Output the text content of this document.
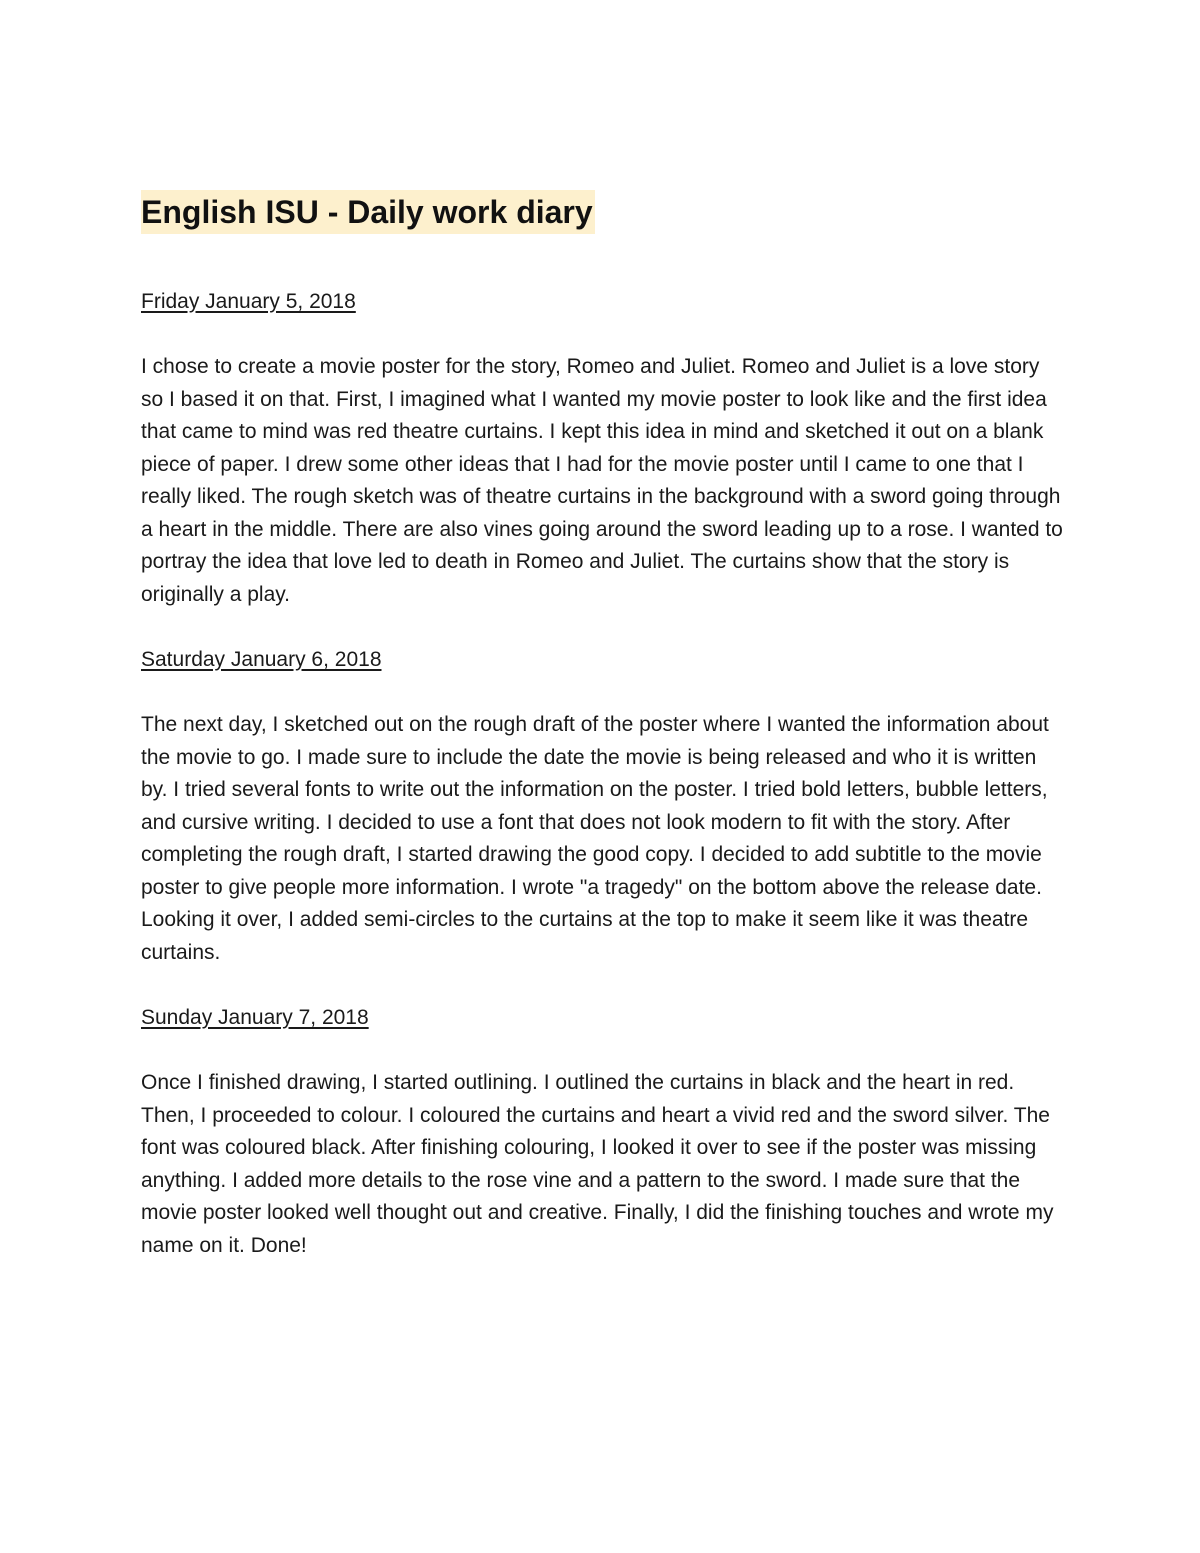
English ISU - Daily work diary
Friday January 5, 2018

I chose to create a movie poster for the story, Romeo and Juliet. Romeo and Juliet is a love story so I based it on that. First, I imagined what I wanted my movie poster to look like and the first idea that came to mind was red theatre curtains. I kept this idea in mind and sketched it out on a blank piece of paper. I drew some other ideas that I had for the movie poster until I came to one that I really liked. The rough sketch was of theatre curtains in the background with a sword going through a heart in the middle. There are also vines going around the sword leading up to a rose. I wanted to portray the idea that love led to death in Romeo and Juliet. The curtains show that the story is originally a play.

Saturday January 6, 2018

The next day, I sketched out on the rough draft of the poster where I wanted the information about the movie to go. I made sure to include the date the movie is being released and who it is written by. I tried several fonts to write out the information on the poster. I tried bold letters, bubble letters, and cursive writing. I decided to use a font that does not look modern to fit with the story. After completing the rough draft, I started drawing the good copy. I decided to add subtitle to the movie poster to give people more information. I wrote "a tragedy" on the bottom above the release date. Looking it over, I added semi-circles to the curtains at the top to make it seem like it was theatre curtains.

Sunday January 7, 2018

Once I finished drawing, I started outlining. I outlined the curtains in black and the heart in red. Then, I proceeded to colour. I coloured the curtains and heart a vivid red and the sword silver. The font was coloured black. After finishing colouring, I looked it over to see if the poster was missing anything. I added more details to the rose vine and a pattern to the sword. I made sure that the movie poster looked well thought out and creative. Finally, I did the finishing touches and wrote my name on it. Done!
